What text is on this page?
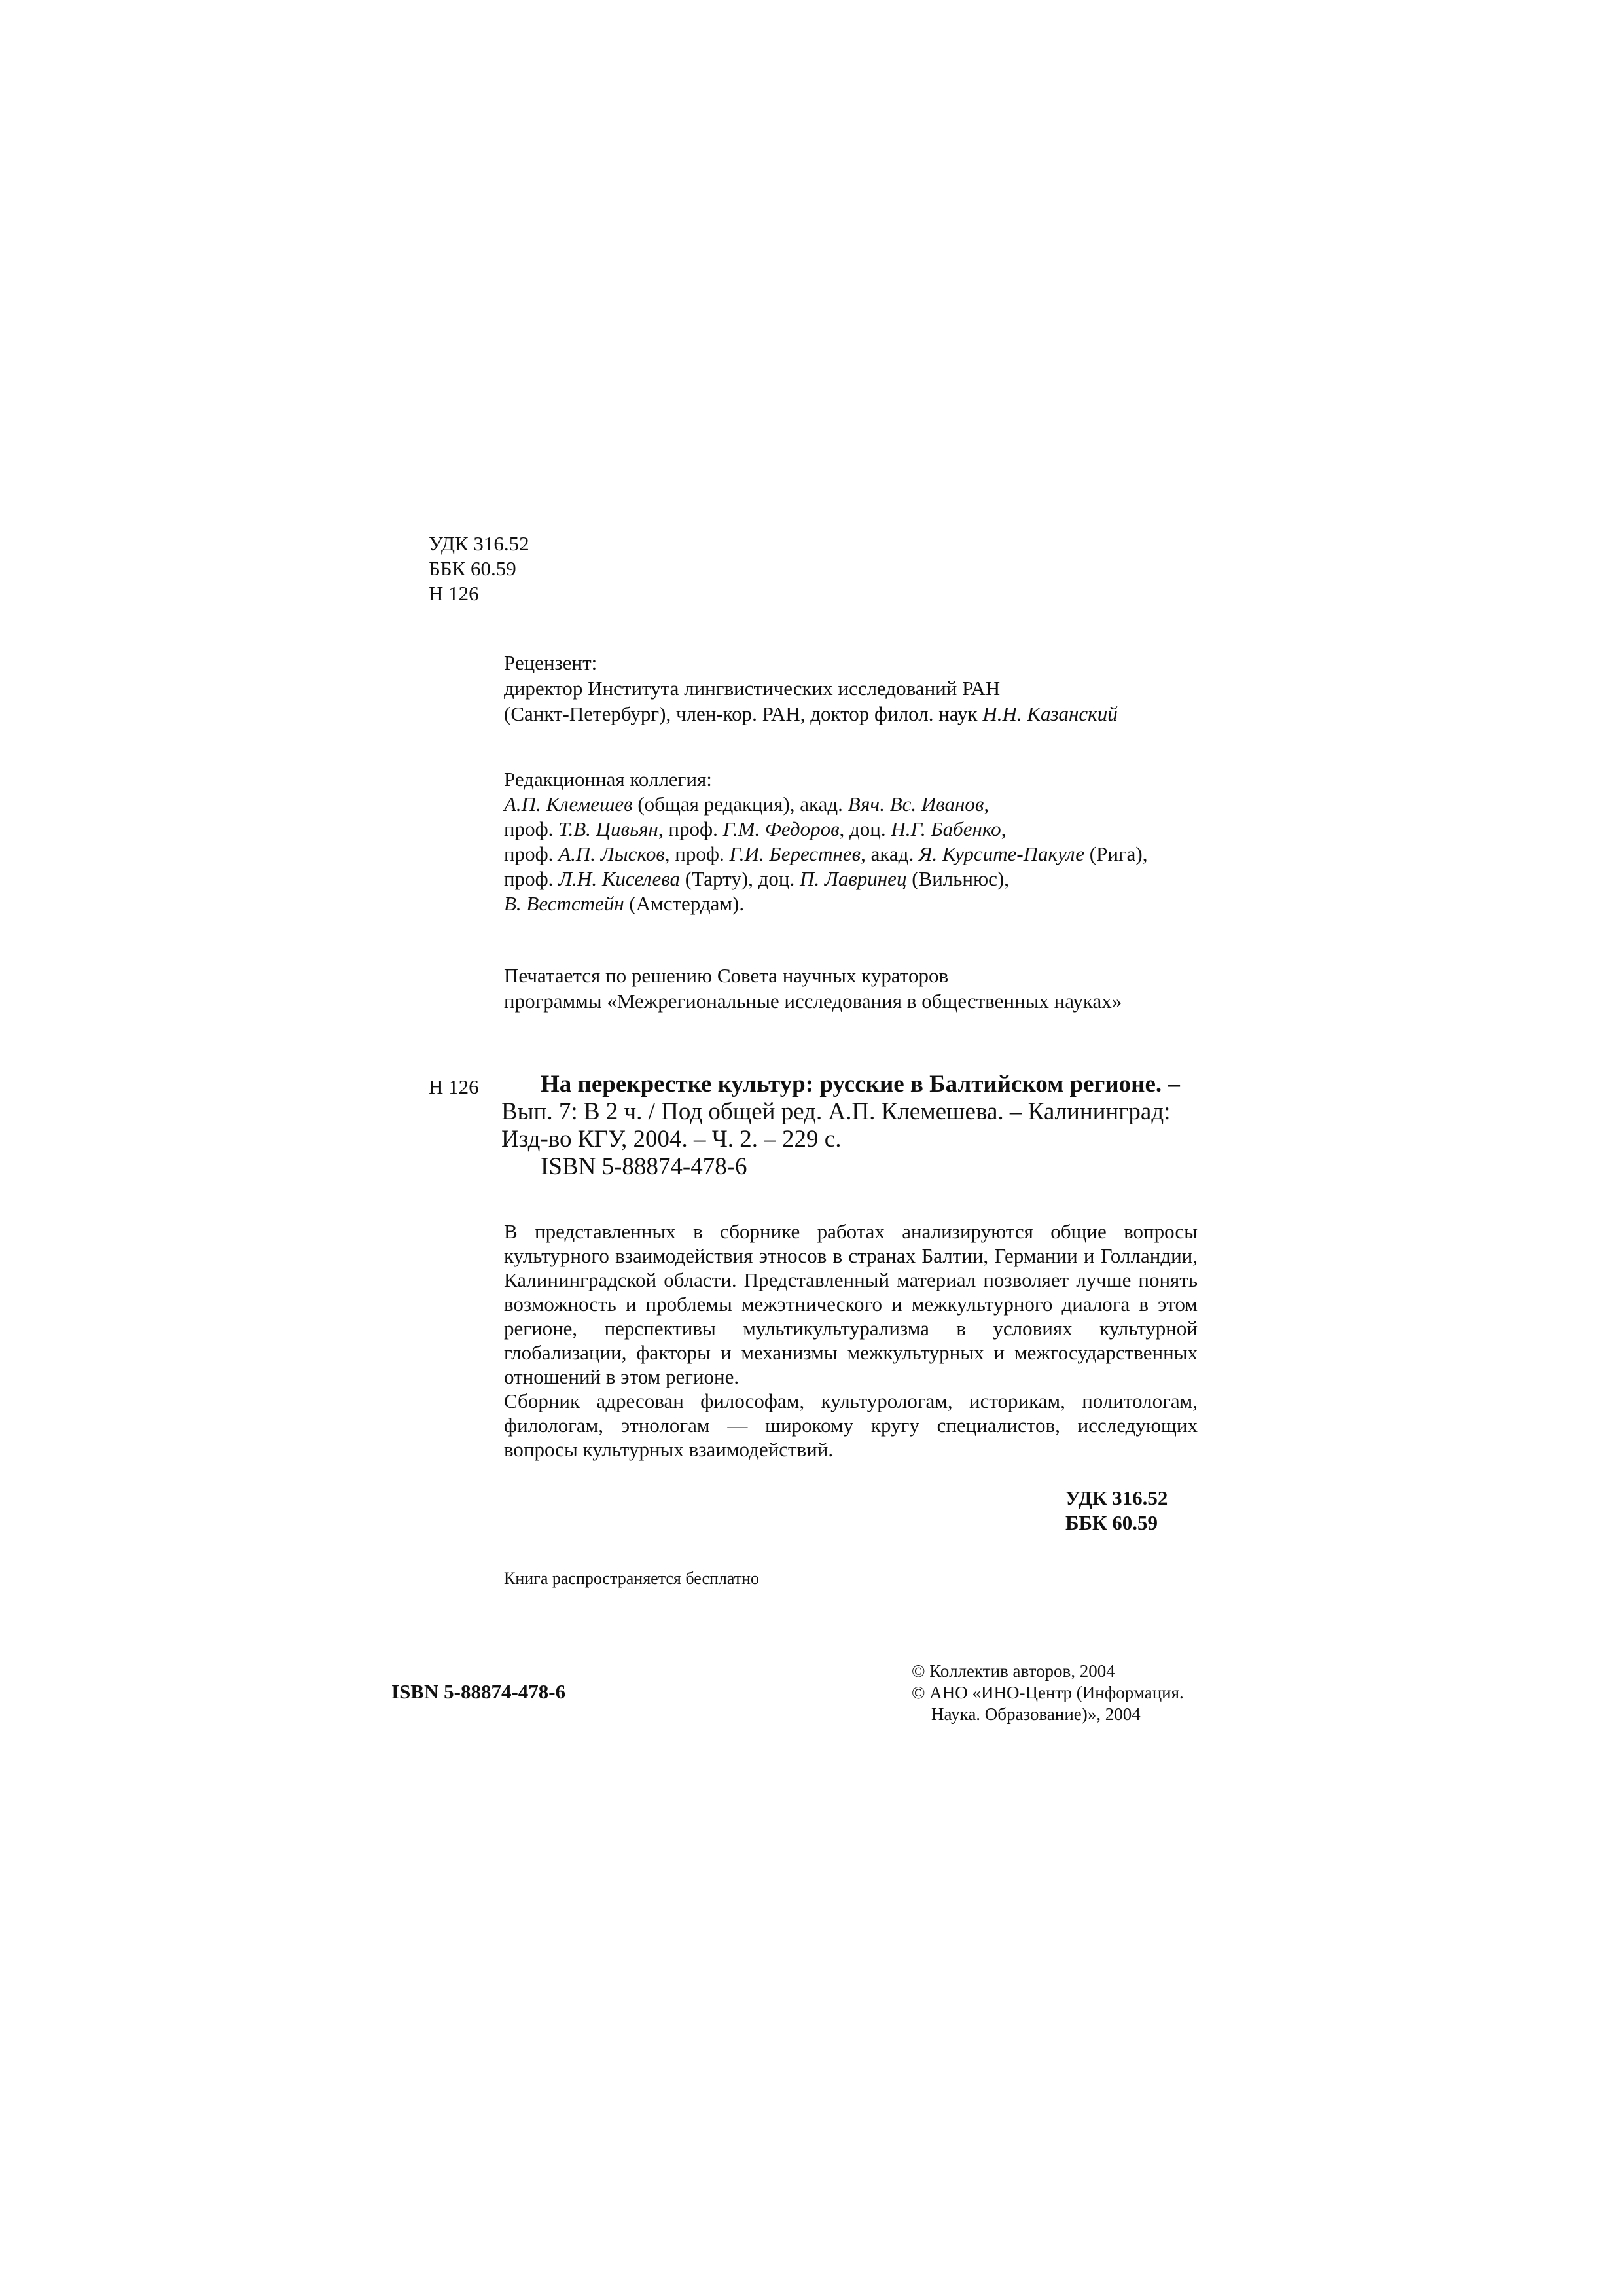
УДК 316.52
ББК 60.59
Н 126
Рецензент:
директор Института лингвистических исследований РАН
(Санкт-Петербург), член-кор. РАН, доктор филол. наук Н.Н. Казанский
Редакционная коллегия:
А.П. Клемешев (общая редакция), акад. Вяч. Вс. Иванов,
проф. Т.В. Цивьян, проф. Г.М. Федоров, доц. Н.Г. Бабенко,
проф. А.П. Лысков, проф. Г.И. Берестнев, акад. Я. Курсите-Пакуле (Рига),
проф. Л.Н. Киселева (Тарту), доц. П. Лавринец (Вильнюс),
В. Вестстейн (Амстердам).
Печатается по решению Совета научных кураторов
программы «Межрегиональные исследования в общественных науках»
Н 126	На перекрестке культур: русские в Балтийском регионе. –
Вып. 7: В 2 ч. / Под общей ред. А.П. Клемешева. – Калининград:
Изд-во КГУ, 2004. – Ч. 2. – 229 с.
ISBN 5-88874-478-6

В представленных в сборнике работах анализируются общие вопросы культурного взаимодействия этносов в странах Балтии, Германии и Голландии, Калининградской области. Представленный материал позволяет лучше понять возможность и проблемы межэтнического и межкультурного диалога в этом регионе, перспективы мультикультурализма в условиях культурной глобализации, факторы и механизмы межкультурных и межгосударственных отношений в этом регионе.

Сборник адресован философам, культурологам, историкам, политологам, филологам, этнологам — широкому кругу специалистов, исследующих вопросы культурных взаимодействий.

УДК 316.52
ББК 60.59
Книга распространяется бесплатно
ISBN 5-88874-478-6
© Коллектив авторов, 2004
© АНО «ИНО-Центр (Информация.
Наука. Образование)», 2004
